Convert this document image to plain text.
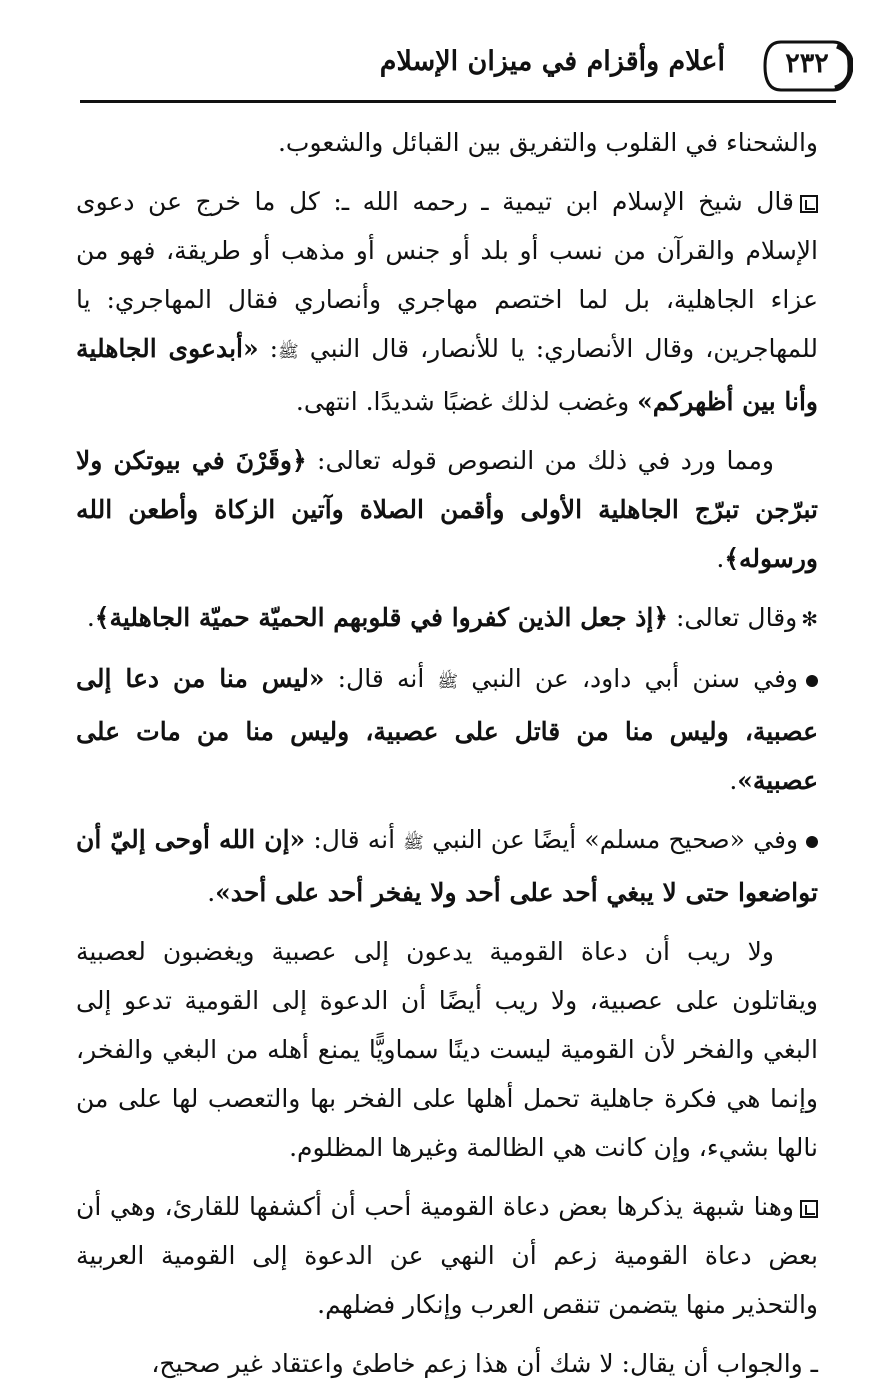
أعلام وأقزام في ميزان الإسلام	٢٣٢

والشحناء في القلوب والتفريق بين القبائل والشعوب.

قال شيخ الإسلام ابن تيمية ـ رحمه الله ـ: كل ما خرج عن دعوى الإسلام والقرآن من نسب أو بلد أو جنس أو مذهب أو طريقة، فهو من عزاء الجاهلية، بل لما اختصم مهاجري وأنصاري فقال المهاجري: يا للمهاجرين، وقال الأنصاري: يا للأنصار، قال النبي ﷺ: «أبدعوى الجاهلية وأنا بين أظهركم» وغضب لذلك غضبًا شديدًا. انتهى.

ومما ورد في ذلك من النصوص قوله تعالى: ﴿وقَرْنَ في بيوتكن ولا تبرّجن تبرّج الجاهلية الأولى وأقمن الصلاة وآتين الزكاة وأطعن الله ورسوله﴾.

✻وقال تعالى: ﴿إذ جعل الذين كفروا في قلوبهم الحميّة حميّة الجاهلية﴾.

وفي سنن أبي داود، عن النبي ﷺ أنه قال: «ليس منا من دعا إلى عصبية، وليس منا من قاتل على عصبية، وليس منا من مات على عصبية».

وفي «صحيح مسلم» أيضًا عن النبي ﷺ أنه قال: «إن الله أوحى إليّ أن تواضعوا حتى لا يبغي أحد على أحد ولا يفخر أحد على أحد».

ولا ريب أن دعاة القومية يدعون إلى عصبية ويغضبون لعصبية ويقاتلون على عصبية، ولا ريب أيضًا أن الدعوة إلى القومية تدعو إلى البغي والفخر لأن القومية ليست دينًا سماويًّا يمنع أهله من البغي والفخر، وإنما هي فكرة جاهلية تحمل أهلها على الفخر بها والتعصب لها على من نالها بشيء، وإن كانت هي الظالمة وغيرها المظلوم.

وهنا شبهة يذكرها بعض دعاة القومية أحب أن أكشفها للقارئ، وهي أن بعض دعاة القومية زعم أن النهي عن الدعوة إلى القومية العربية والتحذير منها يتضمن تنقص العرب وإنكار فضلهم.

ـ والجواب أن يقال: لا شك أن هذا زعم خاطئ واعتقاد غير صحيح،
